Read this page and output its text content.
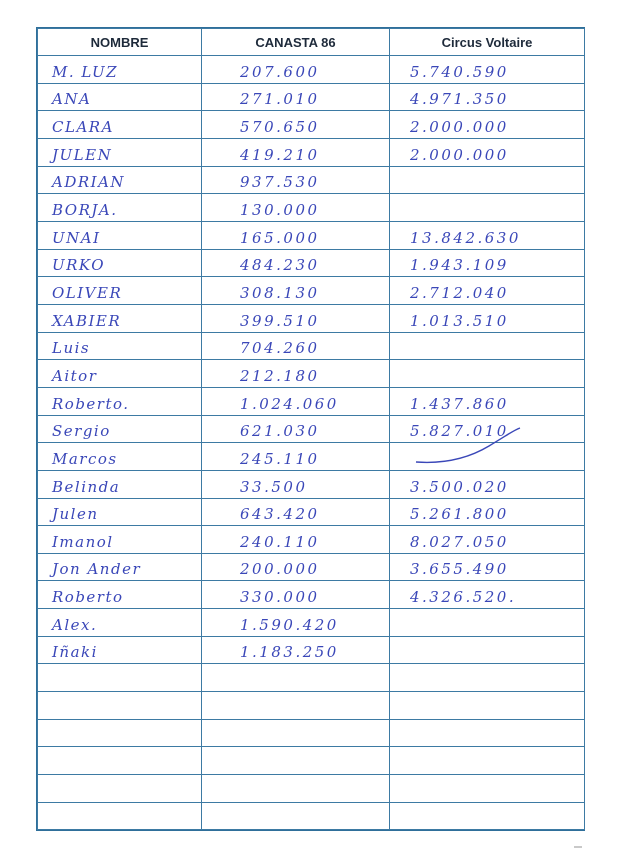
NOMBRE	CANASTA 86	Circus Voltaire
M. LUZ	207.600	5.740.590
ANA	271.010	4.971.350
CLARA	570.650	2.000.000
JULEN	419.210	2.000.000
ADRIAN	937.530	
BORJA.	130.000	
UNAI	165.000	13.842.630
URKO	484.230	1.943.109
OLIVER	308.130	2.712.040
XABIER	399.510	1.013.510
Luis	704.260	
Aitor	212.180	
Roberto.	1.024.060	1.437.860
Sergio	621.030	5.827.010
Marcos	245.110	
Belinda	33.500	3.500.020
Julen	643.420	5.261.800
Imanol	240.110	8.027.050
Jon Ander	200.000	3.655.490
Roberto	330.000	4.326.520.
Alex.	1.590.420	
Iñaki	1.183.250	
